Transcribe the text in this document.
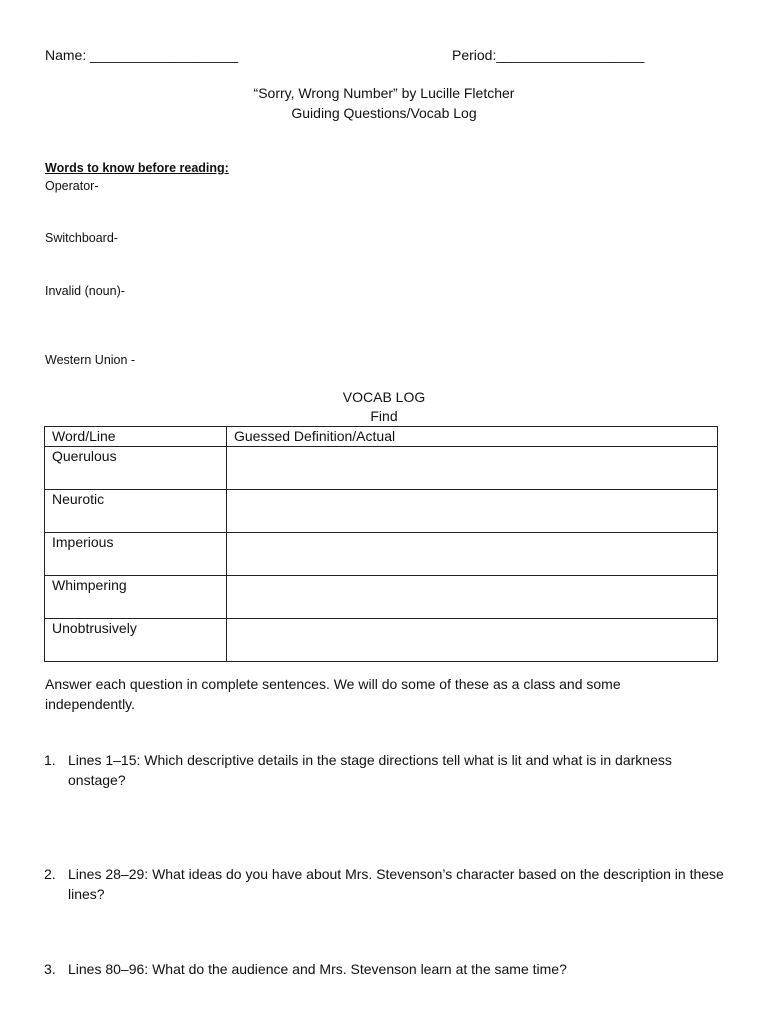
Name: ___________________	Period:___________________
“Sorry, Wrong Number” by Lucille Fletcher
Guiding Questions/Vocab Log
Words to know before reading:
Operator-
Switchboard-
Invalid (noun)-
Western Union -
VOCAB LOG
Find
Word/Line	Guessed Definition/Actual
Querulous	
Neurotic	
Imperious	
Whimpering	
Unobtrusively	
Answer each question in complete sentences. We will do some of these as a class and some independently.
1. Lines 1–15: Which descriptive details in the stage directions tell what is lit and what is in darkness onstage?
2. Lines 28–29: What ideas do you have about Mrs. Stevenson’s character based on the description in these lines?
3. Lines 80–96: What do the audience and Mrs. Stevenson learn at the same time?
